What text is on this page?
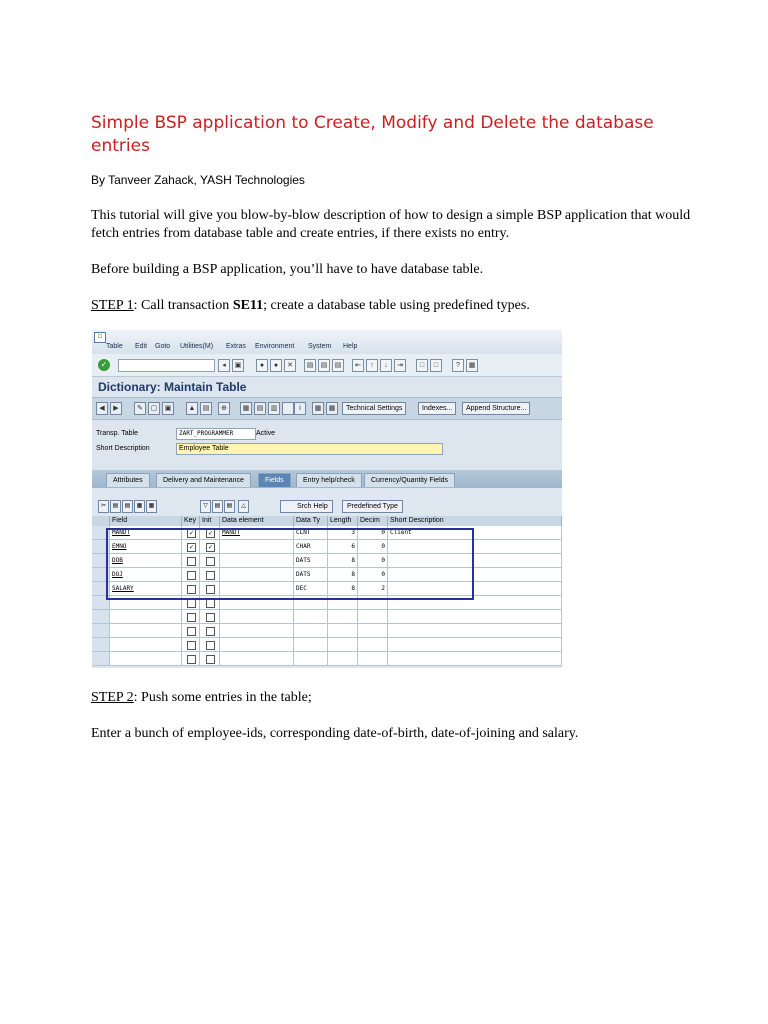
Simple BSP application to Create, Modify and Delete the database entries
By Tanveer Zahack, YASH Technologies
This tutorial will give you blow-by-blow description of how to design a simple BSP application that would fetch entries from database table and create entries, if there exists no entry.
Before building a BSP application, you’ll have to have database table.
STEP 1: Call transaction SE11; create a database table using predefined types.
□
Table Edit Goto Utilities(M) Extras Environment System Help
✓	◂	▣	●	●	✕	▤	▤	▤	⇤	↑	↓	⇥	□	□	?	▦
Dictionary: Maintain Table
◀	▶	✎	▢	▣	▲	▤	⊕	▦	▤	▥	i	▦	▦	Technical Settings	Indexes...	Append Structure...
Transp. Table	ZART_PROGRAMMER	Active
Short Description	Employee Table
Attributes	Delivery and Maintenance	Fields	Entry help/check	Currency/Quantity Fields
✂	▤	▤	▦	▦	▽	▤	▤	△	Srch Help	Predefined Type
Field	Key Init	Data element	Data Ty	Length	Decim	Short Description
MANDT	✓	✓	MANDT	CLNT	3	0 Client
EMNO	✓	✓	CHAR	6	0
DOB	DATS	8	0
DOJ	DATS	8	0
SALARY	DEC	8	2
STEP 2: Push some entries in the table;
Enter a bunch of employee-ids, corresponding date-of-birth, date-of-joining and salary.
